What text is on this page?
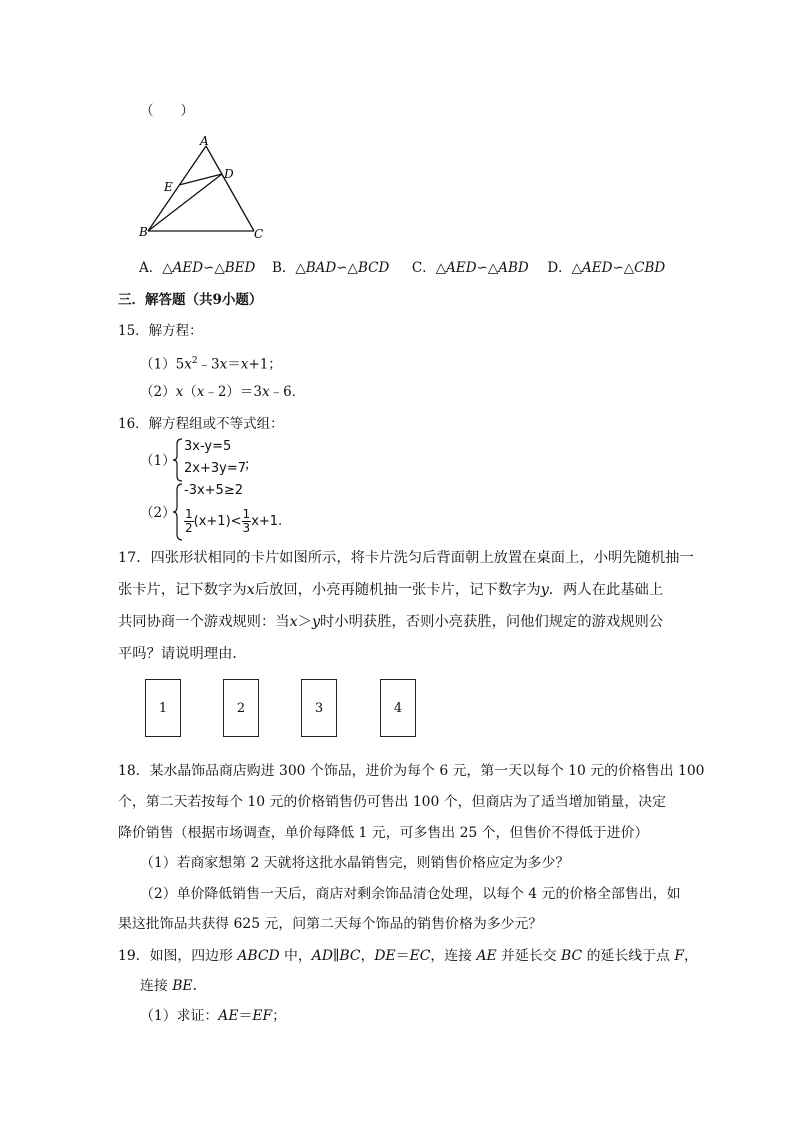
（　　）
A
D
E
B	C
A．△AED∽△BED B．△BAD∽△BCD C．△AED∽△ABD D．△AED∽△CBD
三．解答题（共9小题）
15．解方程：
$(1)5x^2﹣3x=x+1$；
（2）x（x﹣2）＝3x﹣6．
16．解方程组或不等式组：
（1）
3x-y=5
2x+3y=7
；
（2）
-3x+5≥2
$\frac{1}{2} (x+1)< \frac{1}{3} x+1$ .
17．四张形状相同的卡片如图所示，将卡片洗匀后背面朝上放置在桌面上，小明先随机抽一
张卡片，记下数字为x后放回，小亮再随机抽一张卡片，记下数字为y．两人在此基础上
共同协商一个游戏规则：当x＞y时小明获胜，否则小亮获胜，问他们规定的游戏规则公
平吗？请说明理由．
1	2	3	4
18．某水晶饰品商店购进 300 个饰品，进价为每个 6 元，第一天以每个 10 元的价格售出 100
个，第二天若按每个 10 元的价格销售仍可售出 100 个，但商店为了适当增加销量，决定
降价销售（根据市场调查，单价每降低 1 元，可多售出 25 个，但售价不得低于进价）
（1）若商家想第 2 天就将这批水晶销售完，则销售价格应定为多少？
（2）单价降低销售一天后，商店对剩余饰品清仓处理，以每个 4 元的价格全部售出，如
果这批饰品共获得 625 元，问第二天每个饰品的销售价格为多少元？
19．如图，四边形 ABCD 中，AD∥BC，DE＝EC，连接 AE 并延长交 BC 的延长线于点 F，
连接 BE．
（1）求证：AE＝EF；
